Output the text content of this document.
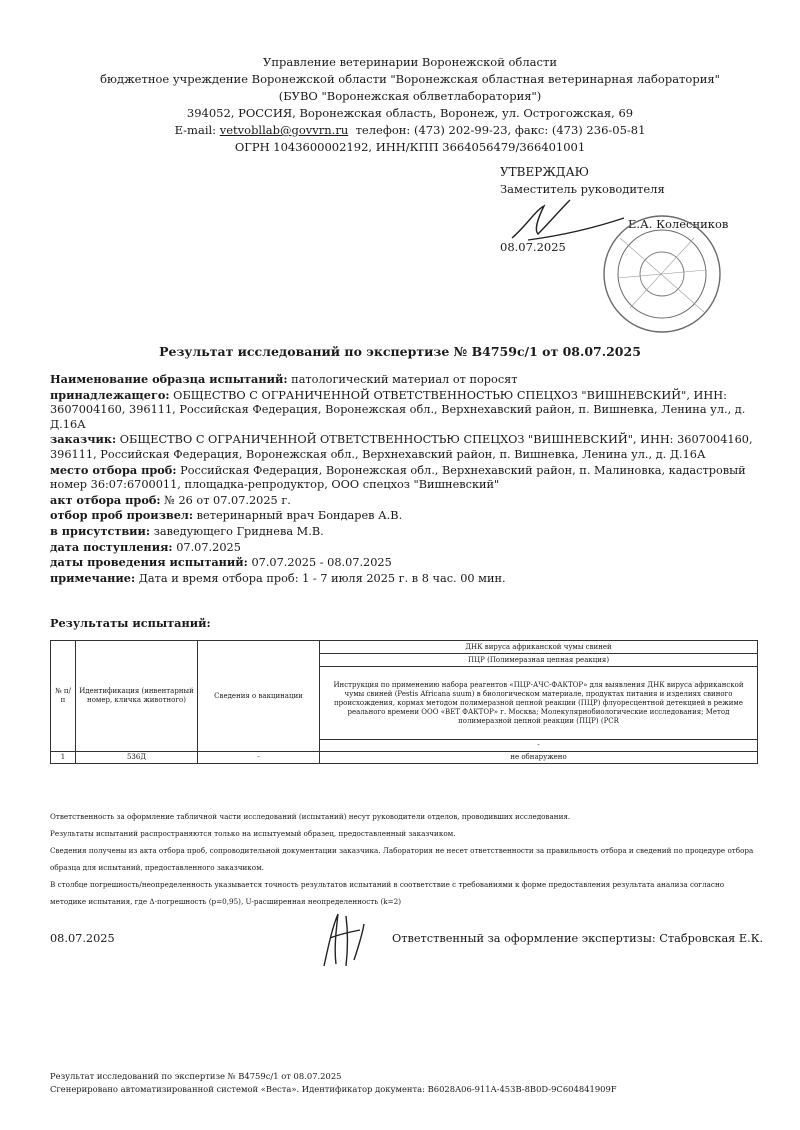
Управление ветеринарии Воронежской области
бюджетное учреждение Воронежской области "Воронежская областная ветеринарная лаборатория"
(БУВО "Воронежская облветлаборатория")
394052, РОССИЯ, Воронежская область, Воронеж, ул. Острогожская, 69
E-mail: vetvobllab@govvrn.ru телефон: (473) 202-99-23, факс: (473) 236-05-81
ОГРН 1043600002192, ИНН/КПП 3664056479/366401001
УТВЕРЖДАЮ
Заместитель руководителя
Е.А. Колесников
08.07.2025
Результат исследований по экспертизе № В4759с/1 от 08.07.2025

Наименование образца испытаний: патологический материал от поросят

принадлежащего: ОБЩЕСТВО С ОГРАНИЧЕННОЙ ОТВЕТСТВЕННОСТЬЮ СПЕЦХОЗ "ВИШНЕВСКИЙ", ИНН: 3607004160, 396111, Российская Федерация, Воронежская обл., Верхнехавский район, п. Вишневка, Ленина ул., д. Д.16А

заказчик: ОБЩЕСТВО С ОГРАНИЧЕННОЙ ОТВЕТСТВЕННОСТЬЮ СПЕЦХОЗ "ВИШНЕВСКИЙ", ИНН: 3607004160, 396111, Российская Федерация, Воронежская обл., Верхнехавский район, п. Вишневка, Ленина ул., д. Д.16А

место отбора проб: Российская Федерация, Воронежская обл., Верхнехавский район, п. Малиновка, кадастровый номер 36:07:6700011, площадка-репродуктор, ООО спецхоз "Вишневский"

акт отбора проб: № 26 от 07.07.2025 г.

отбор проб произвел: ветеринарный врач Бондарев А.В.

в присутствии: заведующего Гриднева М.В.

дата поступления: 07.07.2025

даты проведения испытаний: 07.07.2025 - 08.07.2025

примечание: Дата и время отбора проб: 1 - 7 июля 2025 г. в 8 час. 00 мин.

Результаты испытаний:
№ п/п	Идентификация (инвентарный номер, кличка животного)	Сведения о вакцинации	ДНК вируса африканской чумы свиней
			ПЦР (Полимеразная цепная реакция)
			Инструкция по применению набора реагентов «ПЦР-АЧС-ФАКТОР» для выявления ДНК вируса африканской чумы свиней (Pestis Africana suum) в биологическом материале, продуктах питания и изделиях свиного происхождения, кормах методом полимеразной цепной реакции (ПЦР) флуоресцентной детекцией в режиме реального времени ООО «ВЕТ ФАКТОР» г. Москва; Молекулярнобиологические исследования; Метод полимеразной цепной реакции (ПЦР) (PCR
			-
1	536Д	-	не обнаружено

Ответственность за оформление табличной части исследований (испытаний) несут руководители отделов, проводивших исследования.

Результаты испытаний распространяются только на испытуемый образец, предоставленный заказчиком.

Сведения получены из акта отбора проб, сопроводительной документации заказчика. Лаборатория не несет ответственности за правильность отбора и сведений по процедуре отбора образца для испытаний, предоставленного заказчиком.

В столбце погрешность/неопределенность указывается точность результатов испытаний в соответствие с требованиями к форме предоставления результата анализа согласно методике испытания, где Δ-погрешность (p=0,95), U-расширенная неопределенность (k=2)

08.07.2025	Ответственный за оформление экспертизы: Стабровская Е.К.

Результат исследований по экспертизе № В4759с/1 от 08.07.2025

Сгенерировано автоматизированной системой «Веста». Идентификатор документа: B6028A06-911A-453B-8B0D-9C604841909F
